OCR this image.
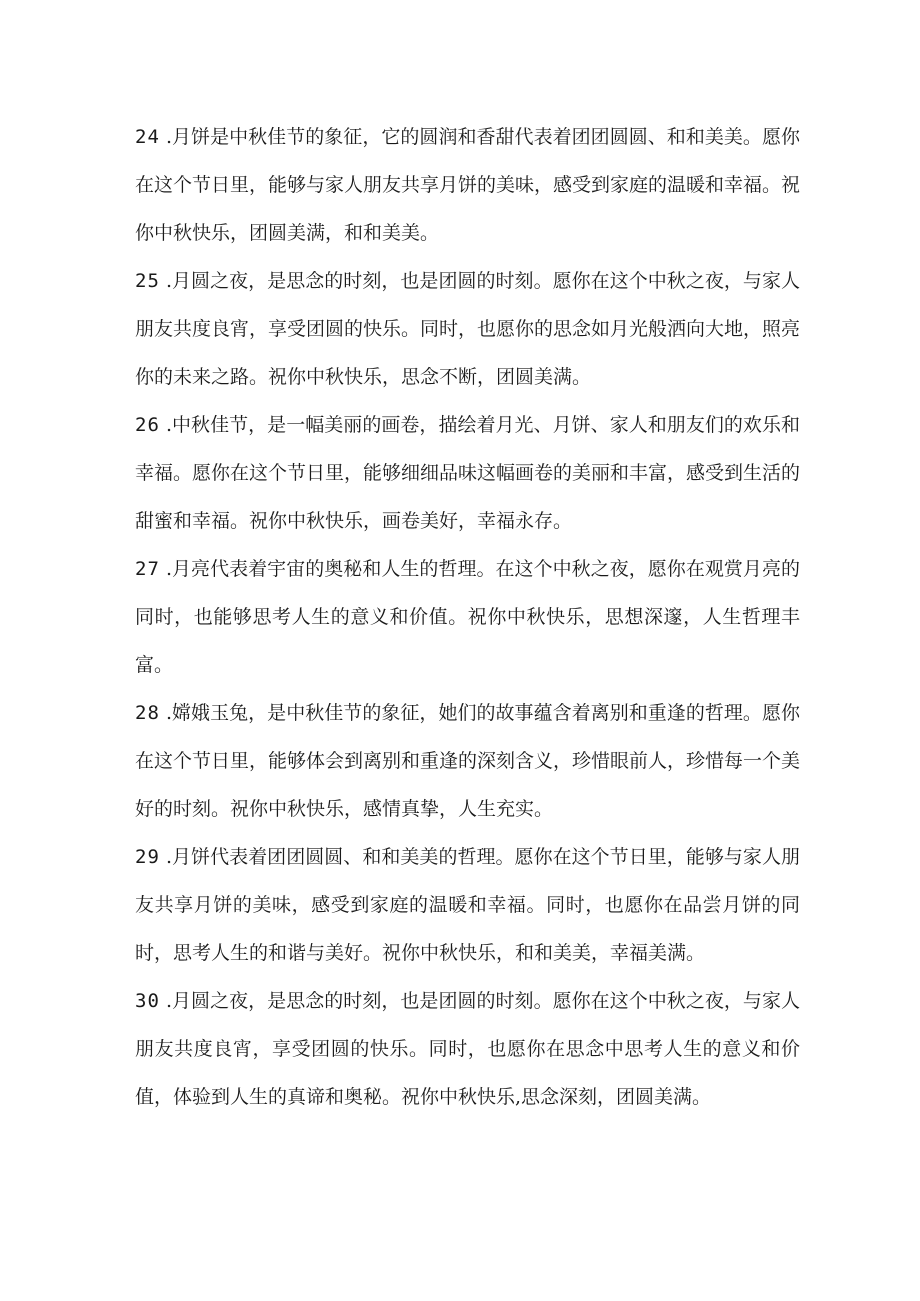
24 .月饼是中秋佳节的象征，它的圆润和香甜代表着团团圆圆、和和美美。愿你在这个节日里，能够与家人朋友共享月饼的美味，感受到家庭的温暖和幸福。祝你中秋快乐，团圆美满，和和美美。

25 .月圆之夜，是思念的时刻，也是团圆的时刻。愿你在这个中秋之夜，与家人朋友共度良宵，享受团圆的快乐。同时，也愿你的思念如月光般洒向大地，照亮你的未来之路。祝你中秋快乐，思念不断，团圆美满。

26 .中秋佳节，是一幅美丽的画卷，描绘着月光、月饼、家人和朋友们的欢乐和幸福。愿你在这个节日里，能够细细品味这幅画卷的美丽和丰富，感受到生活的甜蜜和幸福。祝你中秋快乐，画卷美好，幸福永存。

27 .月亮代表着宇宙的奥秘和人生的哲理。在这个中秋之夜，愿你在观赏月亮的同时，也能够思考人生的意义和价值。祝你中秋快乐，思想深邃，人生哲理丰富。

28 .嫦娥玉兔，是中秋佳节的象征，她们的故事蕴含着离别和重逢的哲理。愿你在这个节日里，能够体会到离别和重逢的深刻含义，珍惜眼前人，珍惜每一个美好的时刻。祝你中秋快乐，感情真挚，人生充实。

29 .月饼代表着团团圆圆、和和美美的哲理。愿你在这个节日里，能够与家人朋友共享月饼的美味，感受到家庭的温暖和幸福。同时，也愿你在品尝月饼的同时，思考人生的和谐与美好。祝你中秋快乐，和和美美，幸福美满。

30 .月圆之夜，是思念的时刻，也是团圆的时刻。愿你在这个中秋之夜，与家人朋友共度良宵，享受团圆的快乐。同时，也愿你在思念中思考人生的意义和价值，体验到人生的真谛和奥秘。祝你中秋快乐,思念深刻，团圆美满。
